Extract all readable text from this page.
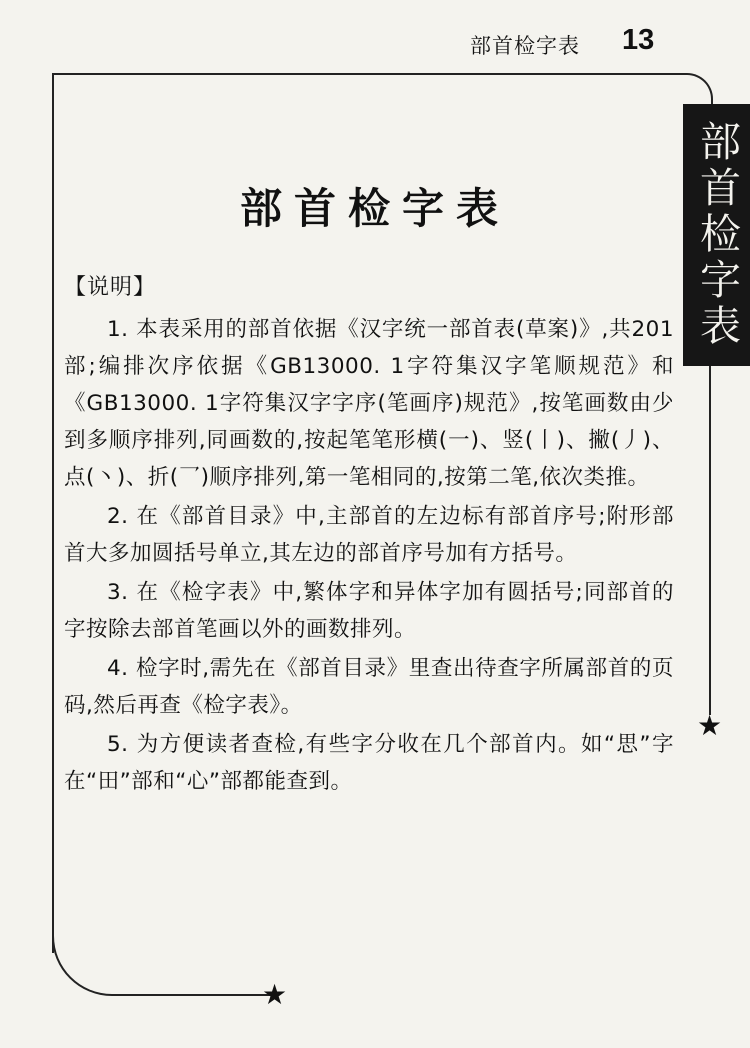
部首检字表 13
部首检字表
★
★
部首检字表
【说明】

1. 本表采用的部首依据《汉字统一部首表(草案)》,共201部;编排次序依据《GB13000. 1字符集汉字笔顺规范》和《GB13000. 1字符集汉字字序(笔画序)规范》,按笔画数由少到多顺序排列,同画数的,按起笔笔形横(一)、竖(丨)、撇(丿)、点(丶)、折(乛)顺序排列,第一笔相同的,按第二笔,依次类推。

2. 在《部首目录》中,主部首的左边标有部首序号;附形部首大多加圆括号单立,其左边的部首序号加有方括号。

3. 在《检字表》中,繁体字和异体字加有圆括号;同部首的字按除去部首笔画以外的画数排列。

4. 检字时,需先在《部首目录》里查出待查字所属部首的页码,然后再查《检字表》。

5. 为方便读者查检,有些字分收在几个部首内。如“思”字在“田”部和“心”部都能查到。
